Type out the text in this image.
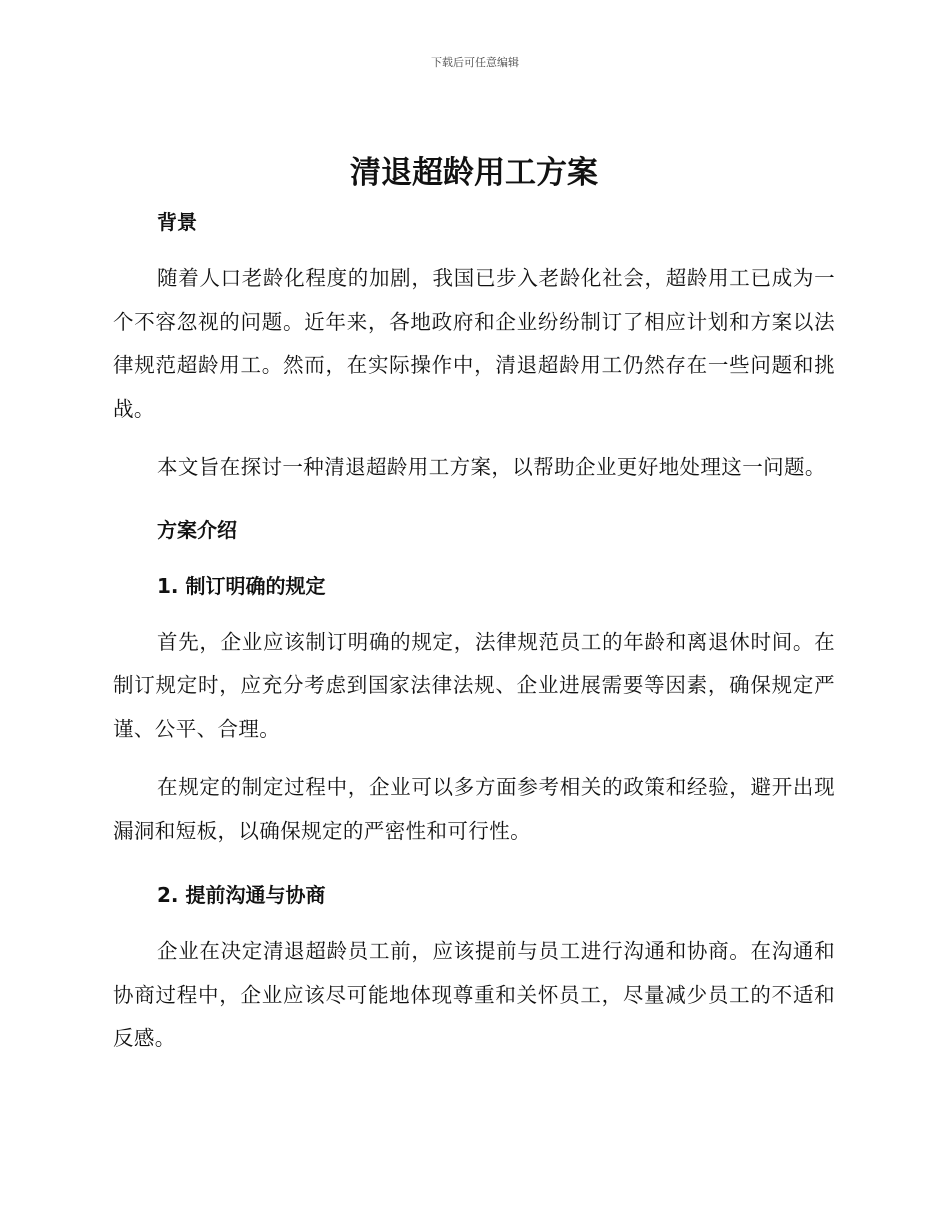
下载后可任意编辑
清退超龄用工方案
背景

随着人口老龄化程度的加剧，我国已步入老龄化社会，超龄用工已成为一个不容忽视的问题。近年来，各地政府和企业纷纷制订了相应计划和方案以法律规范超龄用工。然而，在实际操作中，清退超龄用工仍然存在一些问题和挑战。

本文旨在探讨一种清退超龄用工方案，以帮助企业更好地处理这一问题。

方案介绍
1. 制订明确的规定

首先，企业应该制订明确的规定，法律规范员工的年龄和离退休时间。在制订规定时，应充分考虑到国家法律法规、企业进展需要等因素，确保规定严谨、公平、合理。

在规定的制定过程中，企业可以多方面参考相关的政策和经验，避开出现漏洞和短板，以确保规定的严密性和可行性。

2. 提前沟通与协商

企业在决定清退超龄员工前，应该提前与员工进行沟通和协商。在沟通和协商过程中，企业应该尽可能地体现尊重和关怀员工，尽量减少员工的不适和反感。
